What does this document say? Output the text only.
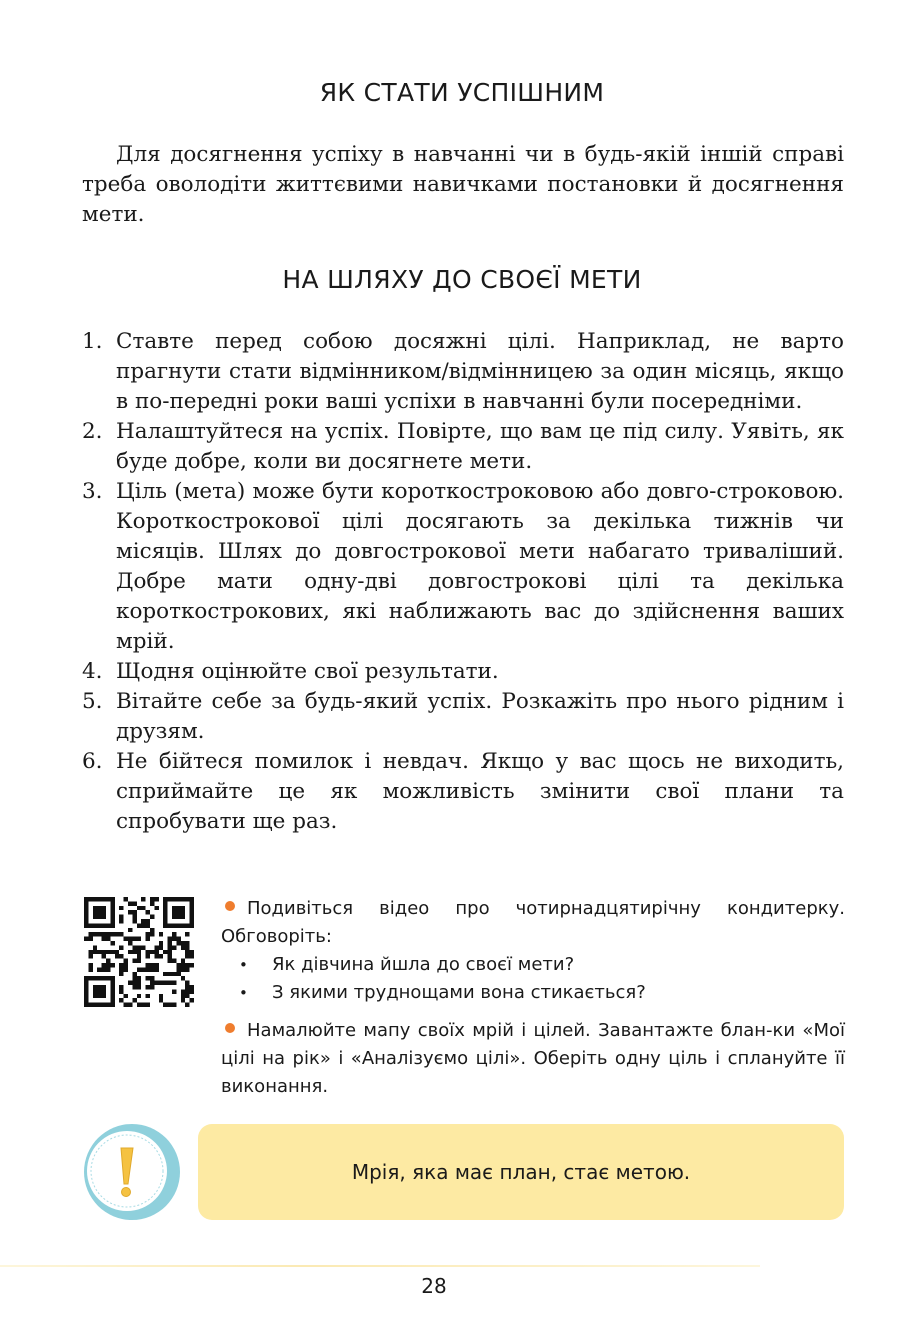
ЯК СТАТИ УСПІШНИМ

Для досягнення успіху в навчанні чи в будь-якій іншій справі треба оволодіти життєвими навичками постановки й досягнення мети.

НА ШЛЯХУ ДО СВОЄЇ МЕТИ
1. Ставте перед собою досяжні цілі. Наприклад, не варто прагнути стати відмінником/відмінницею за один місяць, якщо в по-передні роки ваші успіхи в навчанні були посередніми.
2. Налаштуйтеся на успіх. Повірте, що вам це під силу. Уявіть, як буде добре, коли ви досягнете мети.
3. Ціль (мета) може бути короткостроковою або довго-строковою. Короткострокової цілі досягають за декілька тижнів чи місяців. Шлях до довгострокової мети набагато триваліший. Добре мати одну-дві довгострокові цілі та декілька короткострокових, які наближають вас до здійснення ваших мрій.
4. Щодня оцінюйте свої результати.
5. Вітайте себе за будь-який успіх. Розкажіть про нього рідним і друзям.
6. Не бійтеся помилок і невдач. Якщо у вас щось не виходить, сприймайте це як можливість змінити свої плани та спробувати ще раз.

Подивіться відео про чотирнадцятирічну кондитерку. Обговоріть:

• Як дівчина йшла до своєї мети?
• З якими труднощами вона стикається?

Намалюйте мапу своїх мрій і цілей. Завантажте блан-ки «Мої цілі на рік» і «Аналізуємо цілі». Оберіть одну ціль і сплануйте її виконання.

Мрія, яка має план, стає метою.
28
